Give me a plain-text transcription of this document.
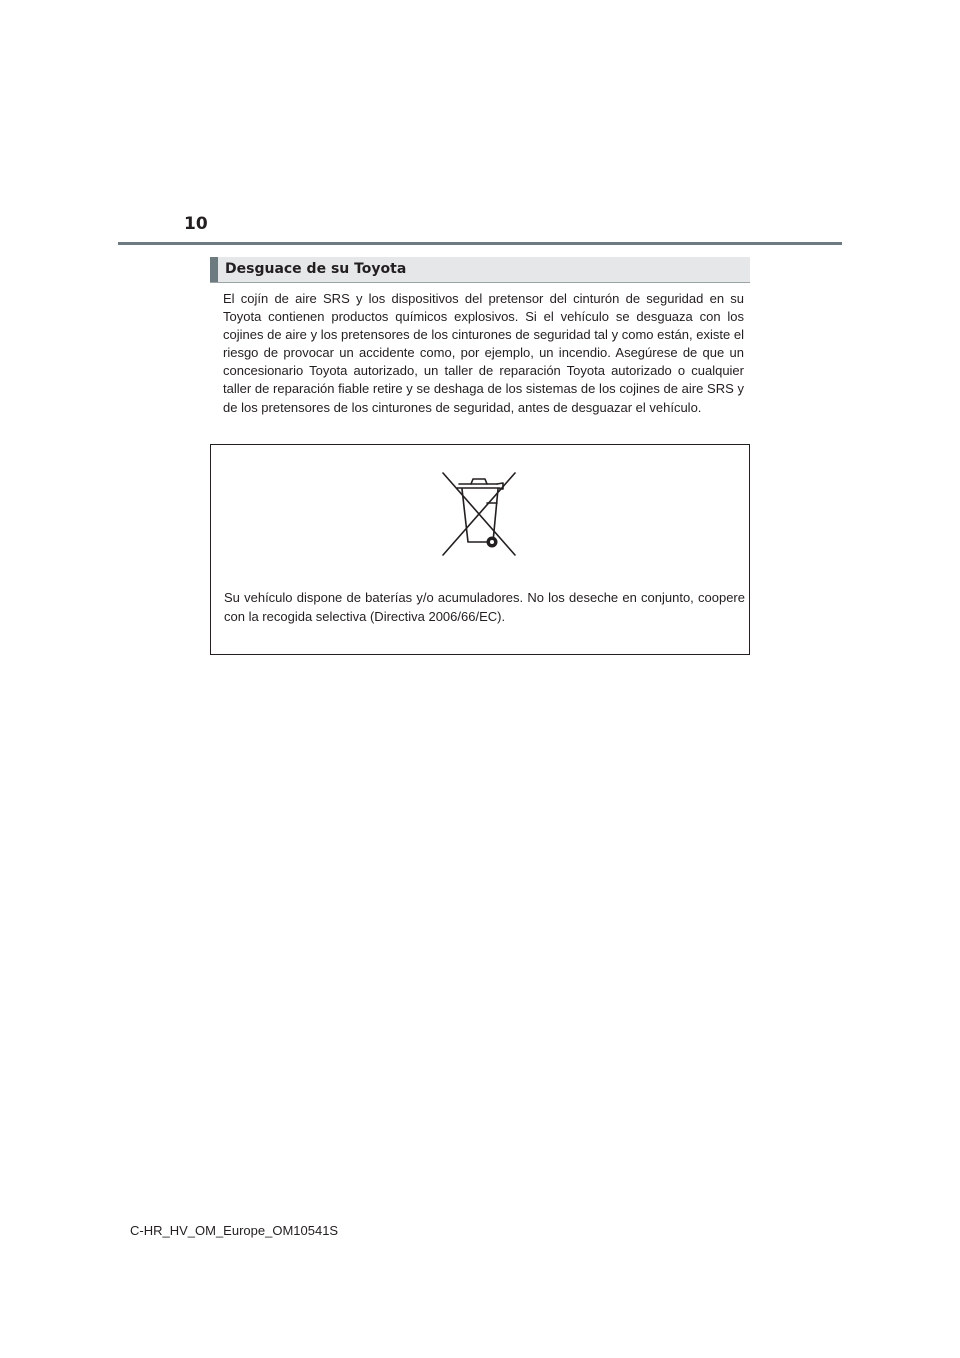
10
Desguace de su Toyota

El cojín de aire SRS y los dispositivos del pretensor del cinturón de seguridad en su Toyota contienen productos químicos explosivos. Si el vehículo se desguaza con los cojines de aire y los pretensores de los cinturones de seguridad tal y como están, existe el riesgo de provocar un accidente como, por ejemplo, un incendio. Asegúrese de que un concesionario Toyota autorizado, un taller de reparación Toyota autorizado o cualquier taller de reparación fiable retire y se deshaga de los sistemas de los cojines de aire SRS y de los pretensores de los cinturones de seguridad, antes de desguazar el vehículo.

Su vehículo dispone de baterías y/o acumuladores. No los deseche en conjunto, coopere con la recogida selectiva (Directiva 2006/66/EC).

C-HR_HV_OM_Europe_OM10541S
